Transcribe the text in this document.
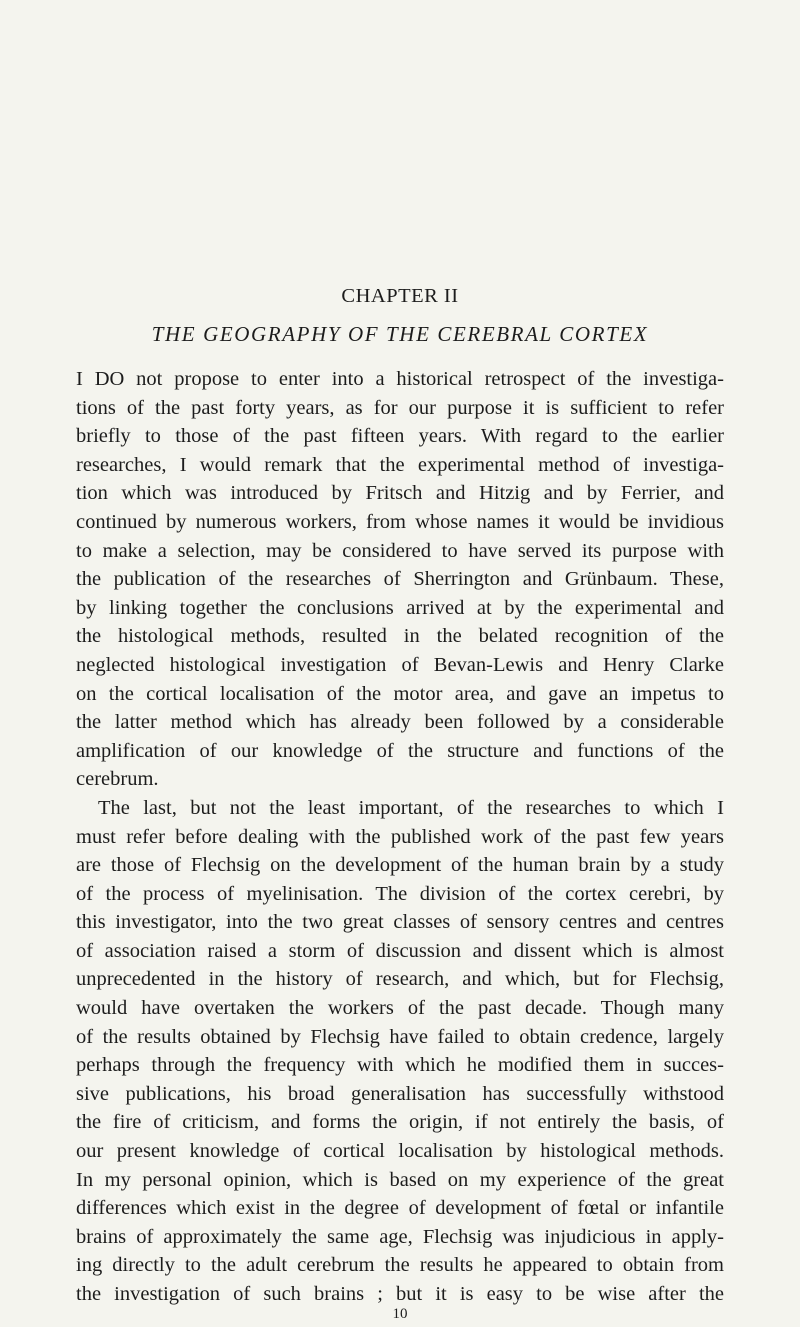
CHAPTER II
THE GEOGRAPHY OF THE CEREBRAL CORTEX
I DO not propose to enter into a historical retrospect of the investiga-
tions of the past forty years, as for our purpose it is sufficient to refer
briefly to those of the past fifteen years. With regard to the earlier
researches, I would remark that the experimental method of investiga-
tion which was introduced by Fritsch and Hitzig and by Ferrier, and
continued by numerous workers, from whose names it would be invidious
to make a selection, may be considered to have served its purpose with
the publication of the researches of Sherrington and Grünbaum. These,
by linking together the conclusions arrived at by the experimental and
the histological methods, resulted in the belated recognition of the
neglected histological investigation of Bevan-Lewis and Henry Clarke
on the cortical localisation of the motor area, and gave an impetus to
the latter method which has already been followed by a considerable
amplification of our knowledge of the structure and functions of the
cerebrum.
The last, but not the least important, of the researches to which I
must refer before dealing with the published work of the past few years
are those of Flechsig on the development of the human brain by a study
of the process of myelinisation. The division of the cortex cerebri, by
this investigator, into the two great classes of sensory centres and centres
of association raised a storm of discussion and dissent which is almost
unprecedented in the history of research, and which, but for Flechsig,
would have overtaken the workers of the past decade. Though many
of the results obtained by Flechsig have failed to obtain credence, largely
perhaps through the frequency with which he modified them in succes-
sive publications, his broad generalisation has successfully withstood
the fire of criticism, and forms the origin, if not entirely the basis, of
our present knowledge of cortical localisation by histological methods.
In my personal opinion, which is based on my experience of the great
differences which exist in the degree of development of fœtal or infantile
brains of approximately the same age, Flechsig was injudicious in apply-
ing directly to the adult cerebrum the results he appeared to obtain from
the investigation of such brains ; but it is easy to be wise after the
10
